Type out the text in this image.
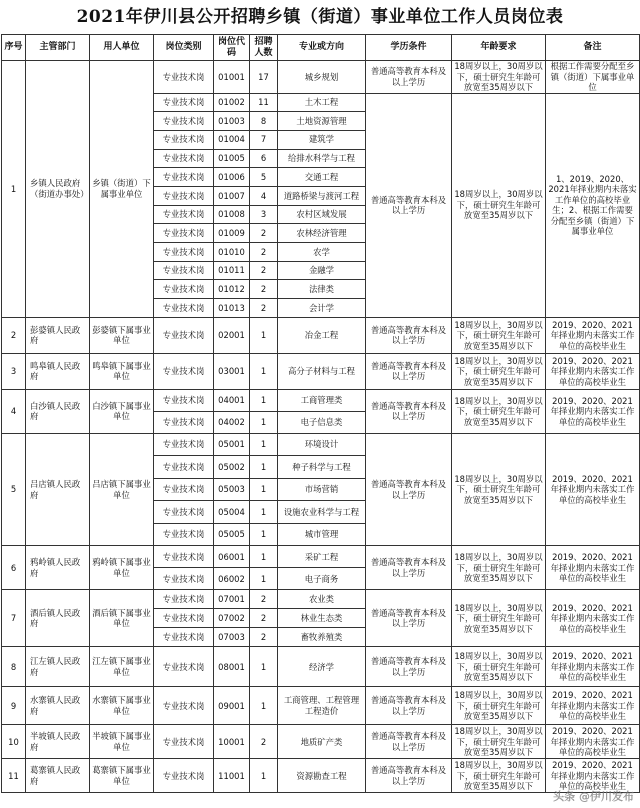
2021年伊川县公开招聘乡镇（街道）事业单位工作人员岗位表
序号	主管部门	用人单位	岗位类别	岗位代码	招聘人数	专业或方向	学历条件	年龄要求	备注
1	乡镇人民政府（街道办事处）	乡镇（街道）下属事业单位	专业技术岗	01001	17	城乡规划	普通高等教育本科及以上学历	18周岁以上，30周岁以下，硕士研究生年龄可放宽至35周岁以下	根据工作需要分配至乡镇（街道）下属事业单位
			专业技术岗	01002	11	土木工程	普通高等教育本科及以上学历	18周岁以上，30周岁以下，硕士研究生年龄可放宽至35周岁以下	1、2019、2020、2021年择业期内未落实工作单位的高校毕业生；2、根据工作需要分配至乡镇（街道）下属事业单位
			专业技术岗	01003	8	土地资源管理			
			专业技术岗	01004	7	建筑学			
			专业技术岗	01005	6	给排水科学与工程			
			专业技术岗	01006	5	交通工程			
			专业技术岗	01007	4	道路桥梁与渡河工程			
			专业技术岗	01008	3	农村区域发展			
			专业技术岗	01009	2	农林经济管理			
			专业技术岗	01010	2	农学			
			专业技术岗	01011	2	金融学			
			专业技术岗	01012	2	法律类			
			专业技术岗	01013	2	会计学			
2	彭婆镇人民政府	彭婆镇下属事业单位	专业技术岗	02001	1	冶金工程	普通高等教育本科及以上学历	18周岁以上，30周岁以下，硕士研究生年龄可放宽至35周岁以下	2019、2020、2021年择业期内未落实工作单位的高校毕业生
3	鸣皋镇人民政府	鸣皋镇下属事业单位	专业技术岗	03001	1	高分子材料与工程	普通高等教育本科及以上学历	18周岁以上，30周岁以下，硕士研究生年龄可放宽至35周岁以下	2019、2020、2021年择业期内未落实工作单位的高校毕业生
4	白沙镇人民政府	白沙镇下属事业单位	专业技术岗	04001	1	工商管理类	普通高等教育本科及以上学历	18周岁以上，30周岁以下，硕士研究生年龄可放宽至35周岁以下	2019、2020、2021年择业期内未落实工作单位的高校毕业生
			专业技术岗	04002	1	电子信息类			
5	吕店镇人民政府	吕店镇下属事业单位	专业技术岗	05001	1	环境设计	普通高等教育本科及以上学历	18周岁以上，30周岁以下，硕士研究生年龄可放宽至35周岁以下	2019、2020、2021年择业期内未落实工作单位的高校毕业生
			专业技术岗	05002	1	种子科学与工程			
			专业技术岗	05003	1	市场营销			
			专业技术岗	05004	1	设施农业科学与工程			
			专业技术岗	05005	1	城市管理			
6	鸦岭镇人民政府	鸦岭镇下属事业单位	专业技术岗	06001	1	采矿工程	普通高等教育本科及以上学历	18周岁以上，30周岁以下，硕士研究生年龄可放宽至35周岁以下	2019、2020、2021年择业期内未落实工作单位的高校毕业生
			专业技术岗	06002	1	电子商务			
7	酒后镇人民政府	酒后镇下属事业单位	专业技术岗	07001	2	农业类	普通高等教育本科及以上学历	18周岁以上，30周岁以下，硕士研究生年龄可放宽至35周岁以下	2019、2020、2021年择业期内未落实工作单位的高校毕业生
			专业技术岗	07002	2	林业生态类			
			专业技术岗	07003	2	畜牧养殖类			
8	江左镇人民政府	江左镇下属事业单位	专业技术岗	08001	1	经济学	普通高等教育本科及以上学历	18周岁以上，30周岁以下，硕士研究生年龄可放宽至35周岁以下	2019、2020、2021年择业期内未落实工作单位的高校毕业生
9	水寨镇人民政府	水寨镇下属事业单位	专业技术岗	09001	1	工商管理、工程管理工程造价	普通高等教育本科及以上学历	18周岁以上，30周岁以下，硕士研究生年龄可放宽至35周岁以下	2019、2020、2021年择业期内未落实工作单位的高校毕业生
10	半坡镇人民政府	半坡镇下属事业单位	专业技术岗	10001	2	地质矿产类	普通高等教育本科及以上学历	18周岁以上，30周岁以下，硕士研究生年龄可放宽至35周岁以下	2019、2020、2021年择业期内未落实工作单位的高校毕业生
11	葛寨镇人民政府	葛寨镇下属事业单位	专业技术岗	11001	1	资源勘查工程	普通高等教育本科及以上学历	18周岁以上，30周岁以下，硕士研究生年龄可放宽至35周岁以下	2019、2020、2021年择业期内未落实工作单位的高校毕业生
头条 @伊川发布
